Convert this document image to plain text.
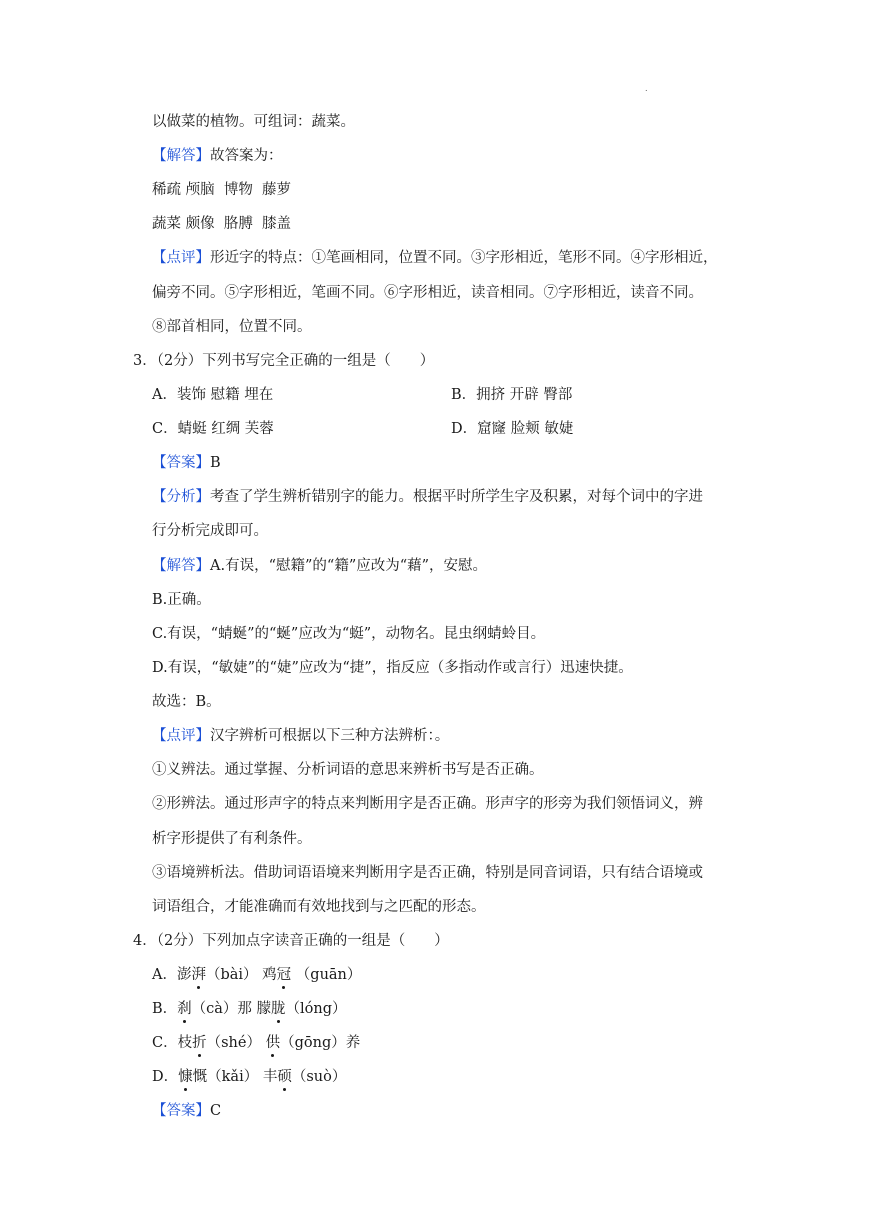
.
以做菜的植物。可组词：蔬菜。
【解答】故答案为：
稀疏 颅脑  博物  藤萝
蔬菜 颇像  胳膊  膝盖
【点评】形近字的特点：①笔画相同，位置不同。③字形相近，笔形不同。④字形相近，
偏旁不同。⑤字形相近，笔画不同。⑥字形相近，读音相同。⑦字形相近，读音不同。
⑧部首相同，位置不同。
3．（2分）下列书写完全正确的一组是（　　）
A．装饰 慰籍 埋在	B．拥挤 开辟 臀部
C．蜻蜓 红绸 芙蓉	D．窟窿 脸颊 敏婕
【答案】B
【分析】考查了学生辨析错别字的能力。根据平时所学生字及积累，对每个词中的字进
行分析完成即可。
【解答】A.有误，“慰籍”的“籍”应改为“藉”，安慰。
B.正确。
C.有误，“蜻蜒”的“蜒”应改为“蜓”，动物名。昆虫纲蜻蛉目。
D.有误，“敏婕”的“婕”应改为“捷”，指反应（多指动作或言行）迅速快捷。
故选：B。
【点评】汉字辨析可根据以下三种方法辨析：。
①义辨法。通过掌握、分析词语的意思来辨析书写是否正确。
②形辨法。通过形声字的特点来判断用字是否正确。形声字的形旁为我们领悟词义，辨
析字形提供了有利条件。
③语境辨析法。借助词语语境来判断用字是否正确，特别是同音词语，只有结合语境或
词语组合，才能准确而有效地找到与之匹配的形态。
4．（2分）下列加点字读音正确的一组是（　　）
A．澎湃（bài） 鸡冠 （guān）
B．刹（cà）那 朦胧（lóng）
C．枝折（shé） 供（gōng）养
D．慷慨（kǎi） 丰硕（suò）
【答案】C
